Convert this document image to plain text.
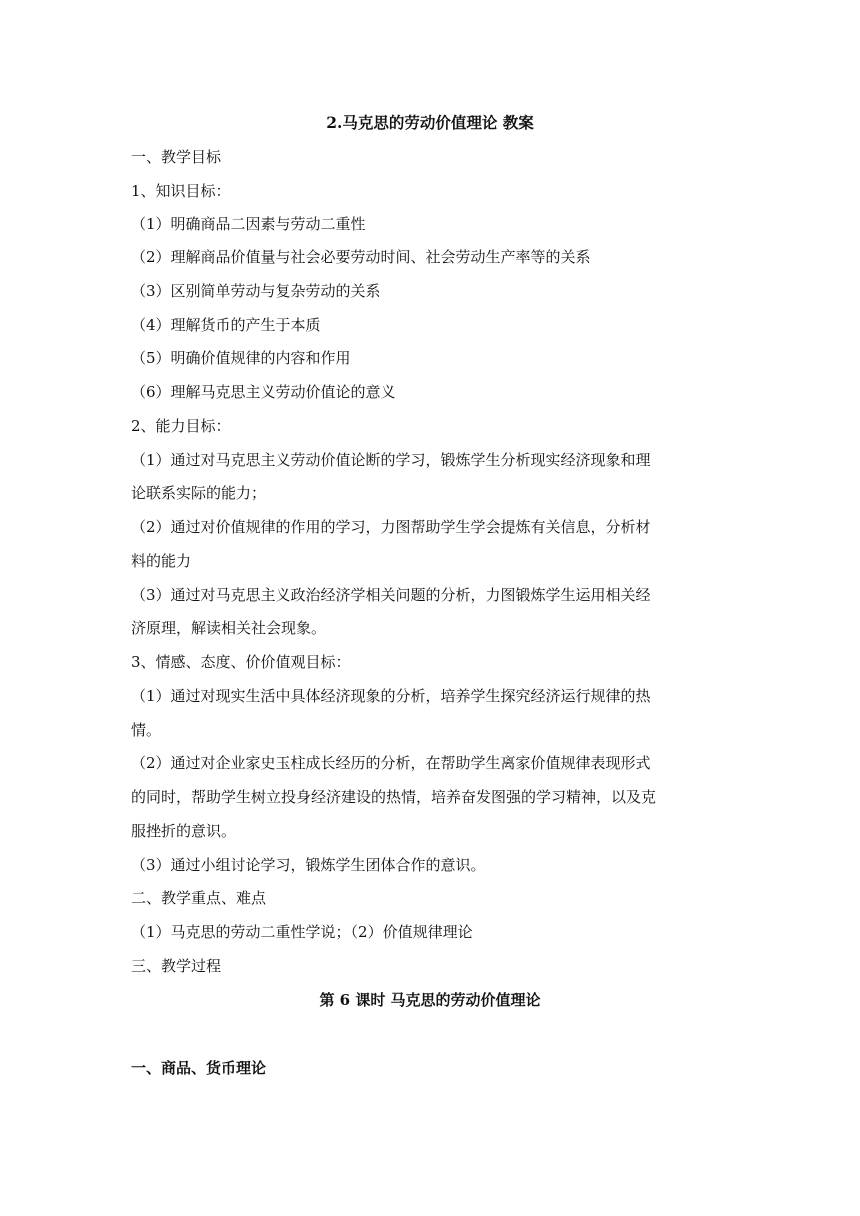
2.马克思的劳动价值理论 教案
一、教学目标
1、知识目标：
（1）明确商品二因素与劳动二重性
（2）理解商品价值量与社会必要劳动时间、社会劳动生产率等的关系
（3）区别简单劳动与复杂劳动的关系
（4）理解货币的产生于本质
（5）明确价值规律的内容和作用
（6）理解马克思主义劳动价值论的意义
2、能力目标：
（1）通过对马克思主义劳动价值论断的学习，锻炼学生分析现实经济现象和理
论联系实际的能力；
（2）通过对价值规律的作用的学习，力图帮助学生学会提炼有关信息，分析材
料的能力
（3）通过对马克思主义政治经济学相关问题的分析，力图锻炼学生运用相关经
济原理，解读相关社会现象。
3、情感、态度、价价值观目标：
（1）通过对现实生活中具体经济现象的分析，培养学生探究经济运行规律的热
情。
（2）通过对企业家史玉柱成长经历的分析，在帮助学生离家价值规律表现形式
的同时，帮助学生树立投身经济建设的热情，培养奋发图强的学习精神，以及克
服挫折的意识。
（3）通过小组讨论学习，锻炼学生团体合作的意识。
二、教学重点、难点
（1）马克思的劳动二重性学说；（2）价值规律理论
三、教学过程
第 6 课时 马克思的劳动价值理论
一、商品、货币理论
